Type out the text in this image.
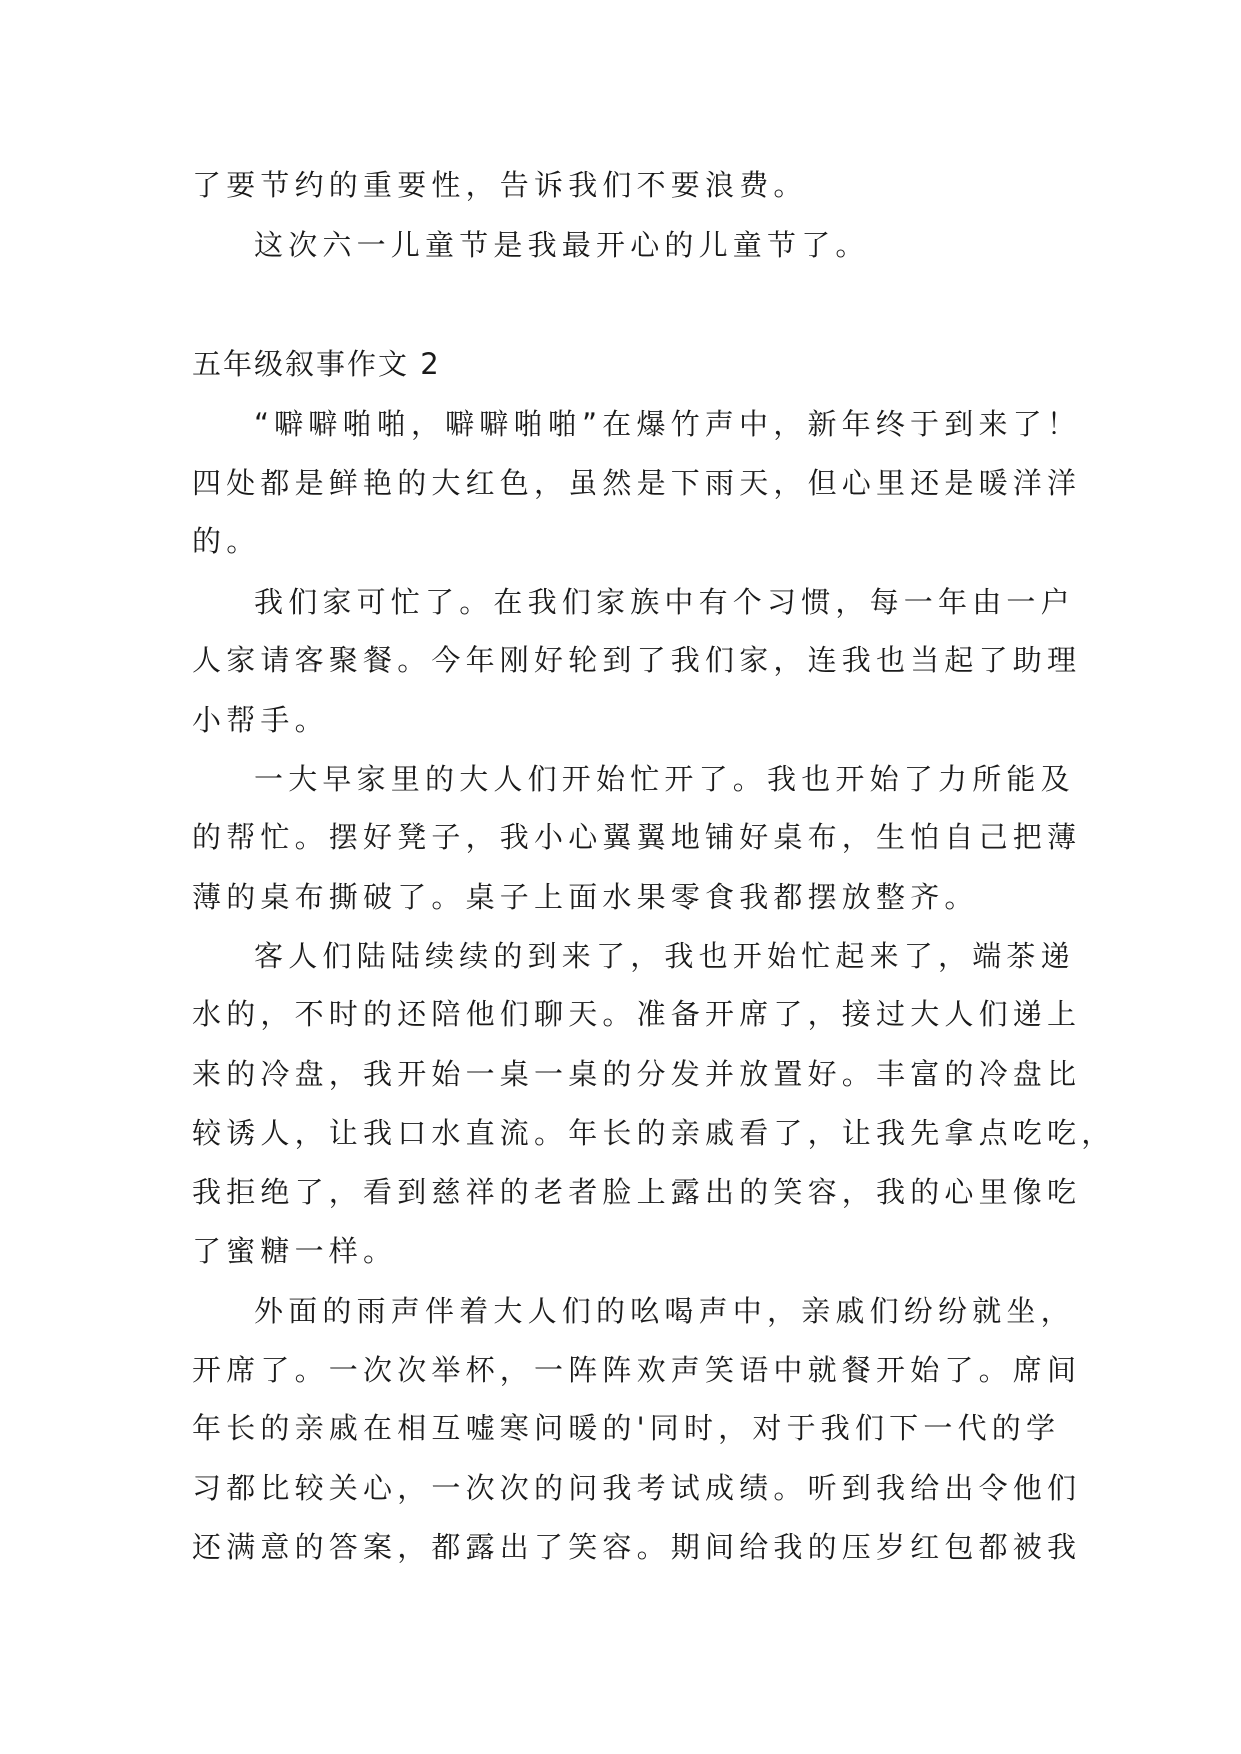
了要节约的重要性，告诉我们不要浪费。
这次六一儿童节是我最开心的儿童节了。
五年级叙事作文 2
“噼噼啪啪，噼噼啪啪”在爆竹声中，新年终于到来了！
四处都是鲜艳的大红色，虽然是下雨天，但心里还是暖洋洋
的。
我们家可忙了。在我们家族中有个习惯，每一年由一户
人家请客聚餐。今年刚好轮到了我们家，连我也当起了助理
小帮手。
一大早家里的大人们开始忙开了。我也开始了力所能及
的帮忙。摆好凳子，我小心翼翼地铺好桌布，生怕自己把薄
薄的桌布撕破了。桌子上面水果零食我都摆放整齐。
客人们陆陆续续的到来了，我也开始忙起来了，端茶递
水的，不时的还陪他们聊天。准备开席了，接过大人们递上
来的冷盘，我开始一桌一桌的分发并放置好。丰富的冷盘比
较诱人，让我口水直流。年长的亲戚看了，让我先拿点吃吃，
我拒绝了，看到慈祥的老者脸上露出的笑容，我的心里像吃
了蜜糖一样。
外面的雨声伴着大人们的吆喝声中，亲戚们纷纷就坐，
开席了。一次次举杯，一阵阵欢声笑语中就餐开始了。席间
年长的亲戚在相互嘘寒问暖的'同时，对于我们下一代的学
习都比较关心，一次次的问我考试成绩。听到我给出令他们
还满意的答案，都露出了笑容。期间给我的压岁红包都被我
